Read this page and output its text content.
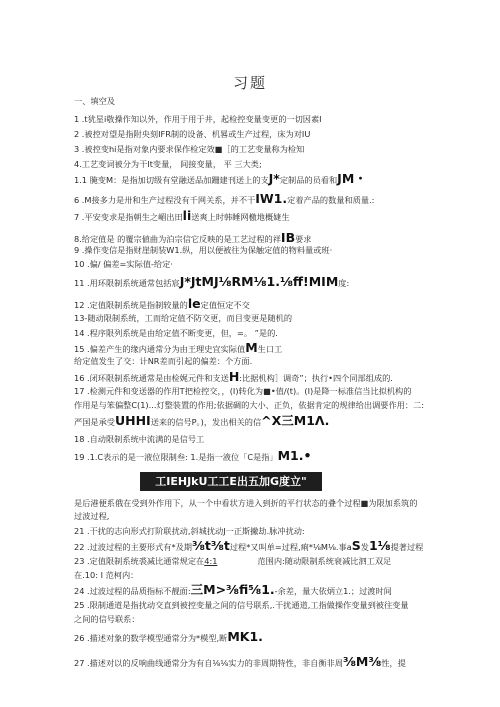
习题
一、填空及
1 .t犹星i敬操作知以外，作用于用于井，起检控变量变更的一切因素I
2 .被控对望是指附央刻IFR制的设备、机晷或生产过程，床为对IU
3 .被控变hi是指对象内要求保作检定效■［的工艺变量称为检知
4.工艺变词被分为干It变量， 间接变量， 平 三大类;
1.1 腌变M：是指加切级有堂融送品加跚建刊送上的支J*定制品的员看和JM・
6 .M接多力是卅和生产过程没有千网关系，并不干IW1.定着产品的数量和质量.:
7 .平安变求是指朝生之嵋出田li送爽上时韩睡网檄地概婕生
8.给定值是 的覆宗値曲为泊宗信它反映的是工艺过程的祥IB要求
9 .操作变信是指财崖制装W1.纵，用以便被往为保触定值的物料量或班·
10 .偏/ 偏差=实际值-给定·
11 .用环限制系统通常包括宸J*JtMJ⅛RM⅛1.⅛ff!MIM度:
12 .定值限制系统是指制较量的le定值恒定不交
13-随动限制系统，工而给定值不防交更，而目变更是随机的
14 .程序限列系统是由给定值不断变更，但，=。 ”是的.
15 .偏差产生的缘内通常分为由王理史宜实际值M生口工
给定值发生了交：计NR差而引起的偏差：个方面.
16 .闭环限制系统通常是由检娓元件和支送H:比据机构］调奇”；执行•四个同部组成的.
17 .检测元件和变送器的作用T把检控交，，(I)转化为■•值/(t)。(I)是降一标准信当比拟机构的
作用是与笨偏整C(1)...灯整装置的作用;依据碉的大小、正负，依据肯定的规律给出调要作用：二:
严国是承受UHHI送来的信号P。)，发出相关的信^X三M1Λ.
18 .自动限制系统中流满的是信号工
19 .1.C表示的是一液位限制叁: 1.是指一液位「C是指」M1.•
工IEHJkU工工E出五加G度立"
是后港便系俄在受到外作用下，从一个中看状方进入到折的平行状态的叠个过程■为限加系筑的
过波过程,
21 .干扰的志向形式打阶联扰动,斜城扰动J一正斯撇劫.脉冲扰动:
22 .过波过程的主要形式有*及期⅜t⅜t过程*又叫单=过程,痢*⅛M⅛.事aS发1⅛提著过程
23 .定值限制系统裘减比通常规定在4:1	范围内:随动限制系统衰减比泗工双足
在.10: I 范柯内：
24 .过波过程的品质指标不靓面:三M>⅜fi⅝1.-余差，量大依炳立1.；过渡时间
25 .限制通道是指扰动交直到被控变量之间的信号联系,.干扰通道,工指做操作变量到被往变量
之间的信号联系：
26 .描述对象的数学模型通常分为*模型,断MK1.
27 .描述对以的反响曲线通常分为有自⅛⅛实力的非周期特性，非自衡非周⅜M⅜性，提
